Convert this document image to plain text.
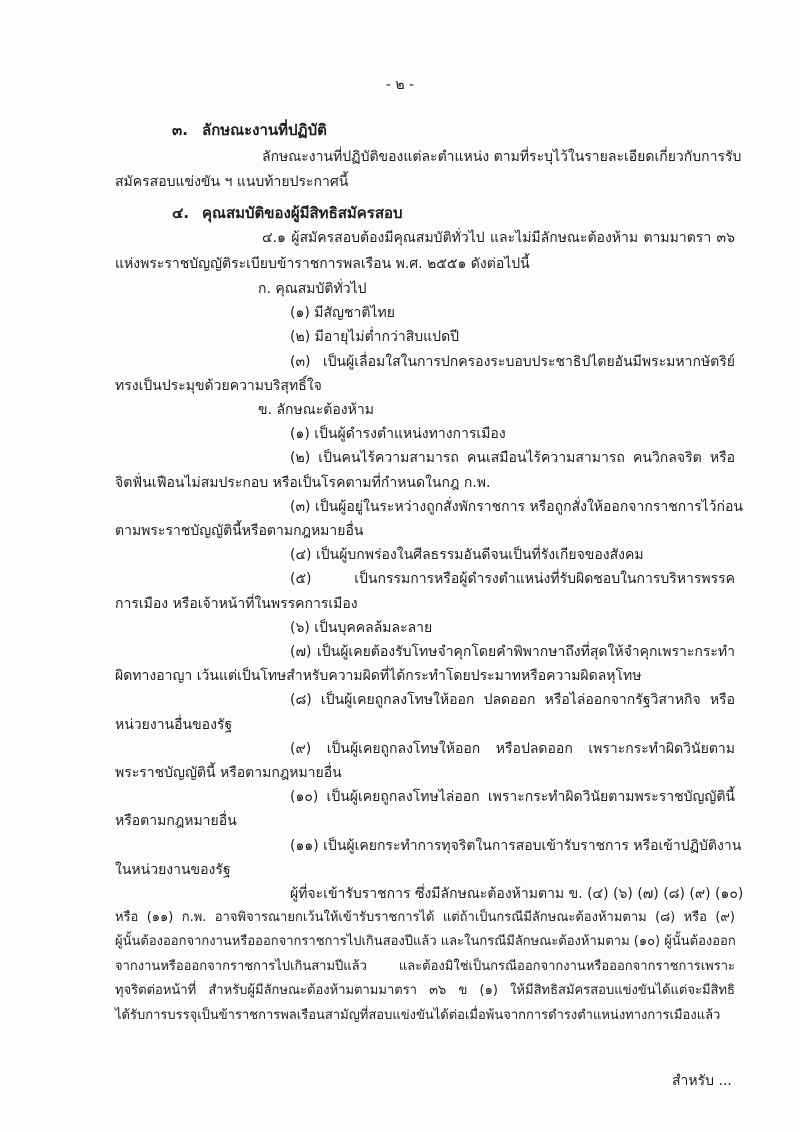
- ๒ -
๓. ลักษณะงานที่ปฏิบัติ
ลักษณะงานที่ปฏิบัติของแต่ละตำแหน่ง ตามที่ระบุไว้ในรายละเอียดเกี่ยวกับการรับ
สมัครสอบแข่งขัน ฯ แนบท้ายประกาศนี้
๔. คุณสมบัติของผู้มีสิทธิสมัครสอบ
๔.๑ ผู้สมัครสอบต้องมีคุณสมบัติทั่วไป และไม่มีลักษณะต้องห้าม ตามมาตรา ๓๖
แห่งพระราชบัญญัติระเบียบข้าราชการพลเรือน พ.ศ. ๒๕๕๑ ดังต่อไปนี้
ก. คุณสมบัติทั่วไป
(๑) มีสัญชาติไทย
(๒) มีอายุไม่ต่ำกว่าสิบแปดปี
(๓) เป็นผู้เลื่อมใสในการปกครองระบอบประชาธิปไตยอันมีพระมหากษัตริย์
ทรงเป็นประมุขด้วยความบริสุทธิ์ใจ
ข. ลักษณะต้องห้าม
(๑) เป็นผู้ดำรงตำแหน่งทางการเมือง
(๒) เป็นคนไร้ความสามารถ คนเสมือนไร้ความสามารถ คนวิกลจริต หรือ
จิตฟั่นเฟือนไม่สมประกอบ หรือเป็นโรคตามที่กำหนดในกฎ ก.พ.
(๓) เป็นผู้อยู่ในระหว่างถูกสั่งพักราชการ หรือถูกสั่งให้ออกจากราชการไว้ก่อน
ตามพระราชบัญญัตินี้หรือตามกฎหมายอื่น
(๔) เป็นผู้บกพร่องในศีลธรรมอันดีจนเป็นที่รังเกียจของสังคม
(๕) เป็นกรรมการหรือผู้ดำรงตำแหน่งที่รับผิดชอบในการบริหารพรรค
การเมือง หรือเจ้าหน้าที่ในพรรคการเมือง
(๖) เป็นบุคคลล้มละลาย
(๗) เป็นผู้เคยต้องรับโทษจำคุกโดยคำพิพากษาถึงที่สุดให้จำคุกเพราะกระทำ
ผิดทางอาญา เว้นแต่เป็นโทษสำหรับความผิดที่ได้กระทำโดยประมาทหรือความผิดลหุโทษ
(๘) เป็นผู้เคยถูกลงโทษให้ออก ปลดออก หรือไล่ออกจากรัฐวิสาหกิจ หรือ
หน่วยงานอื่นของรัฐ
(๙) เป็นผู้เคยถูกลงโทษให้ออก หรือปลดออก เพราะกระทำผิดวินัยตาม
พระราชบัญญัตินี้ หรือตามกฎหมายอื่น
(๑๐) เป็นผู้เคยถูกลงโทษไล่ออก เพราะกระทำผิดวินัยตามพระราชบัญญัตินี้
หรือตามกฎหมายอื่น
(๑๑) เป็นผู้เคยกระทำการทุจริตในการสอบเข้ารับราชการ หรือเข้าปฏิบัติงาน
ในหน่วยงานของรัฐ
ผู้ที่จะเข้ารับราชการ ซึ่งมีลักษณะต้องห้ามตาม ข. (๔) (๖) (๗) (๘) (๙) (๑๐)
หรือ (๑๑) ก.พ. อาจพิจารณายกเว้นให้เข้ารับราชการได้ แต่ถ้าเป็นกรณีมีลักษณะต้องห้ามตาม (๘) หรือ (๙)
ผู้นั้นต้องออกจากงานหรือออกจากราชการไปเกินสองปีแล้ว และในกรณีมีลักษณะต้องห้ามตาม (๑๐) ผู้นั้นต้องออก
จากงานหรือออกจากราชการไปเกินสามปีแล้ว และต้องมิใช่เป็นกรณีออกจากงานหรือออกจากราชการเพราะ
ทุจริตต่อหน้าที่ สำหรับผู้มีลักษณะต้องห้ามตามมาตรา ๓๖ ข (๑) ให้มีสิทธิสมัครสอบแข่งขันได้แต่จะมีสิทธิ
ได้รับการบรรจุเป็นข้าราชการพลเรือนสามัญที่สอบแข่งขันได้ต่อเมื่อพ้นจากการดำรงตำแหน่งทางการเมืองแล้ว
สำหรับ ...
